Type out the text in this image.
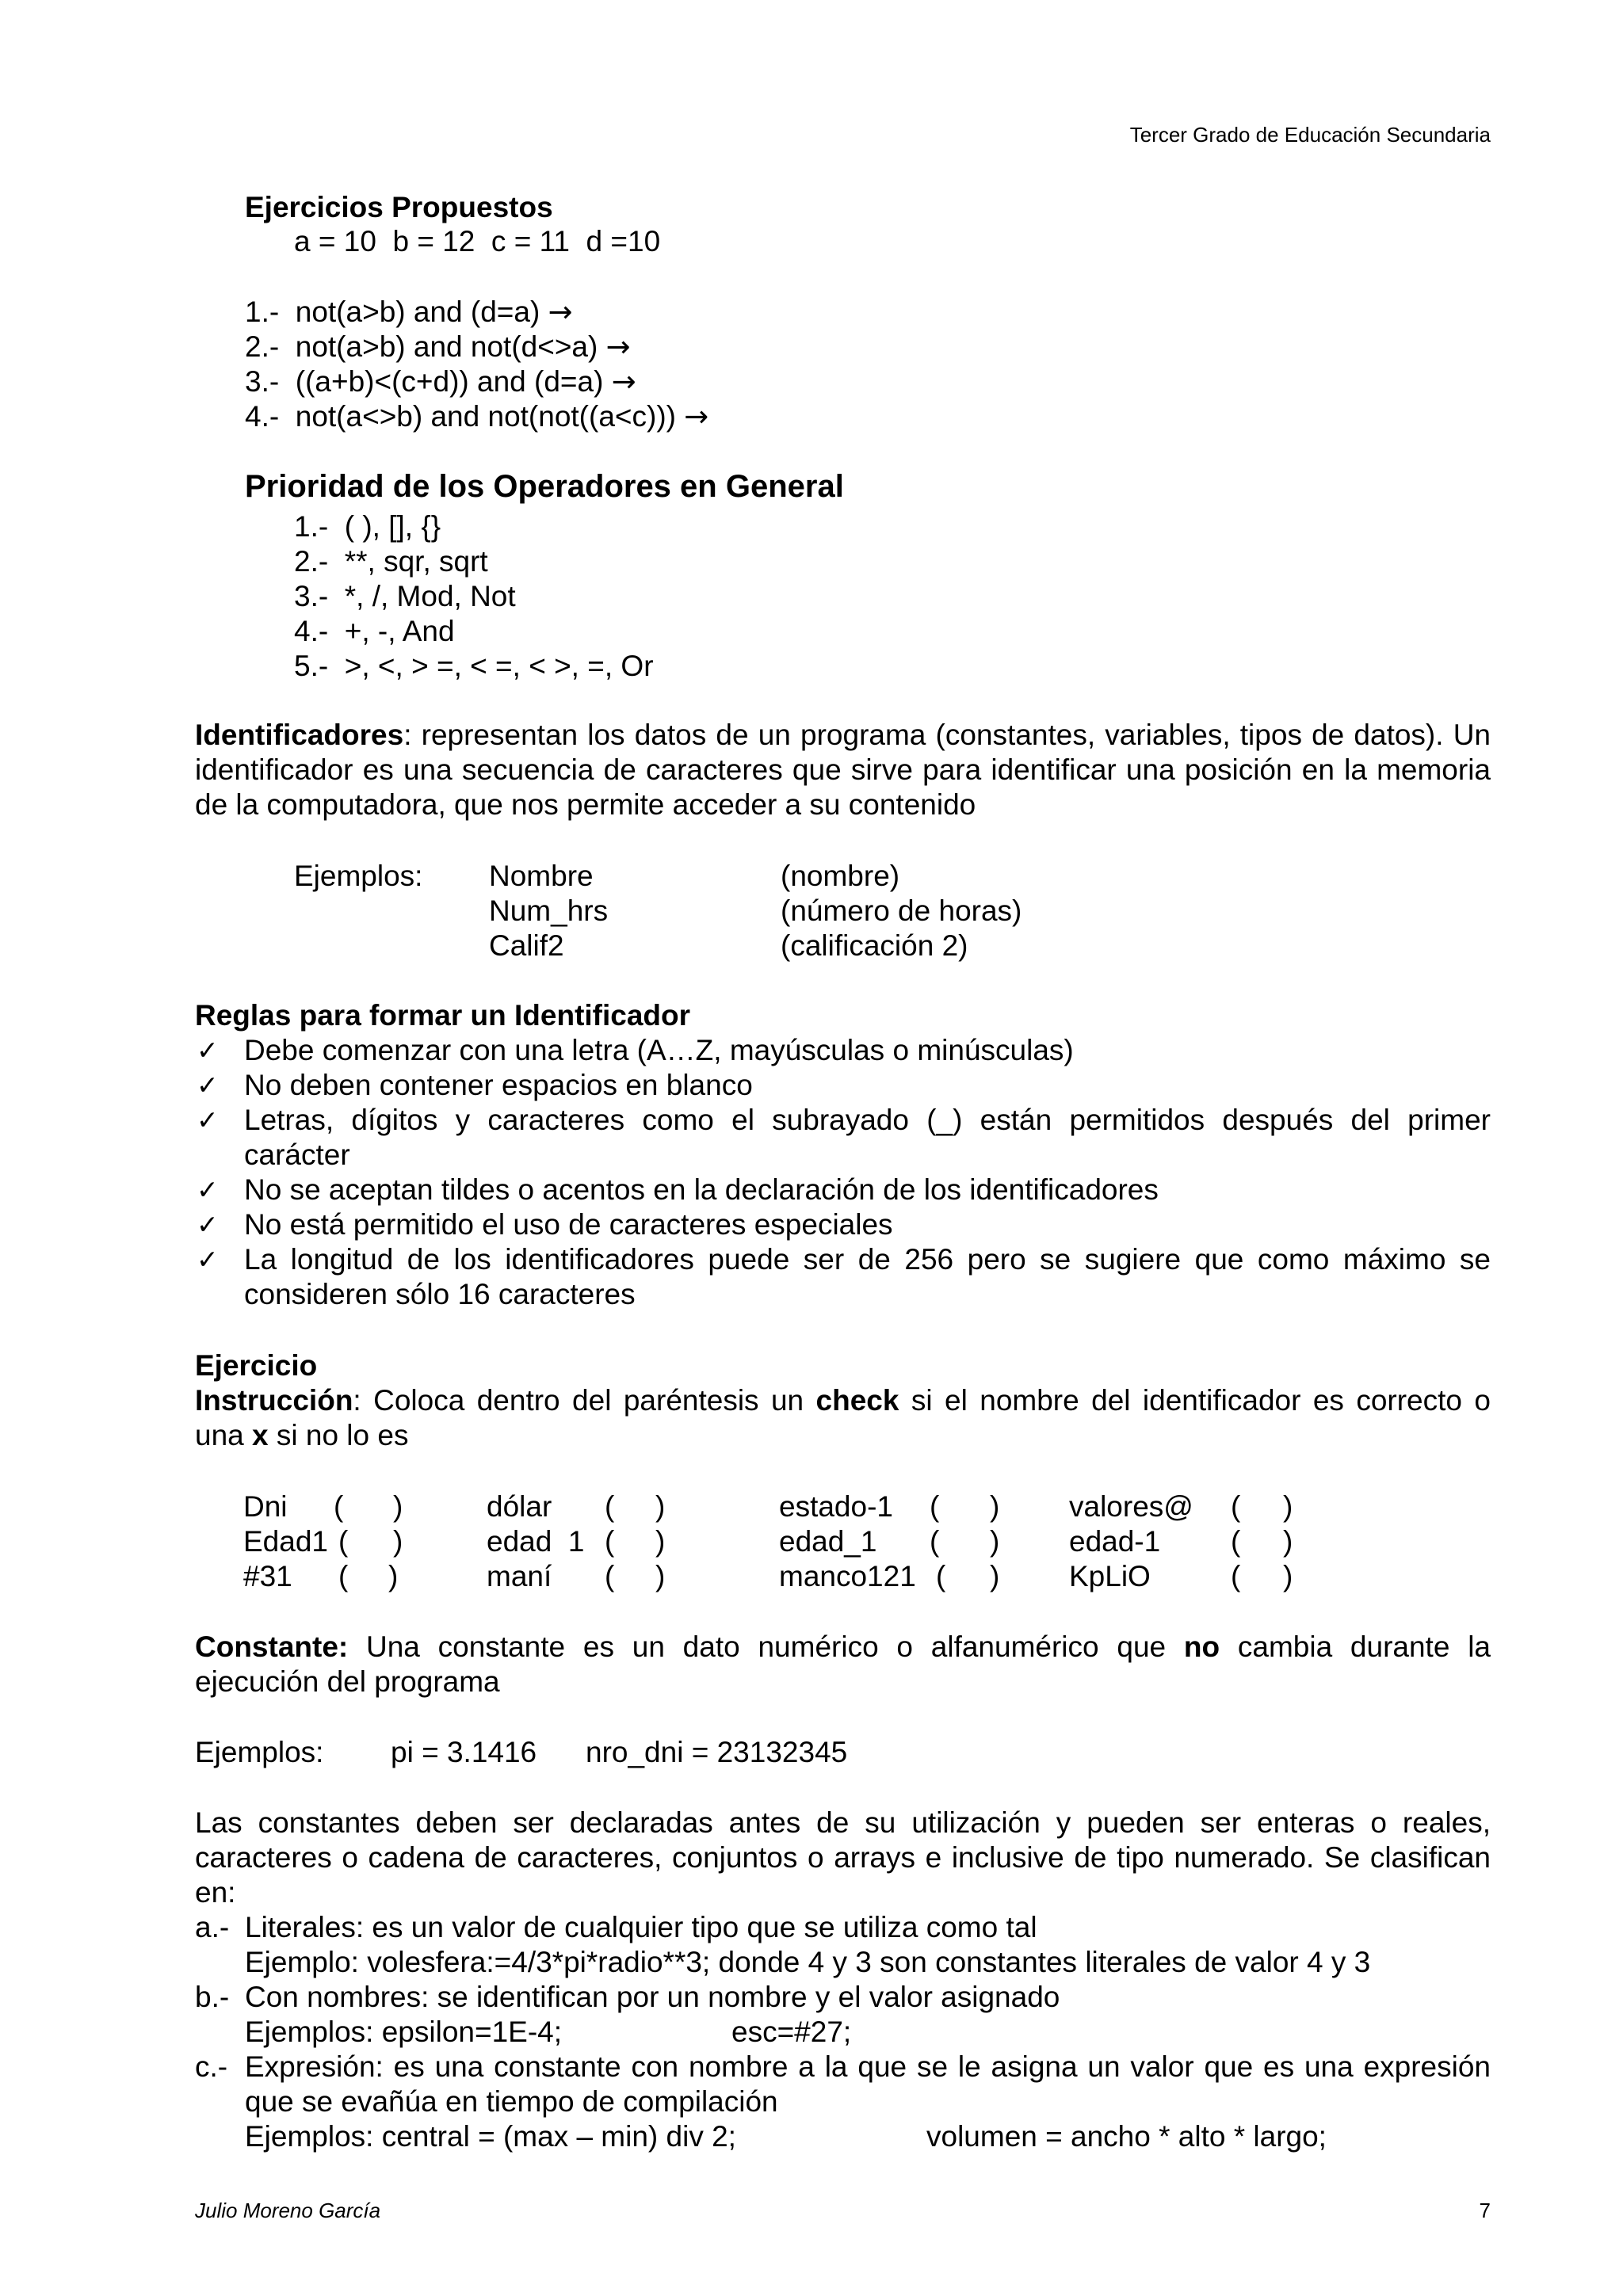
Tercer Grado de Educación Secundaria
Ejercicios Propuestos
a = 10  b = 12  c = 11  d =10
1.- not(a>b) and (d=a) →
2.- not(a>b) and not(d<>a) →
3.- ((a+b)<(c+d)) and (d=a) →
4.- not(a<>b) and not(not((a<c))) →
Prioridad de los Operadores en General
1.- ( ), [], {}
2.- **, sqr, sqrt
3.- *, /, Mod, Not
4.- +, -, And
5.- >, <, > =, < =, < >, =, Or
Identificadores: representan los datos de un programa (constantes, variables, tipos de datos). Un identificador es una secuencia de caracteres que sirve para identificar una posición en la memoria de la computadora, que nos permite acceder a su contenido
Ejemplos: Nombre	(nombre)
Num_hrs	(número de horas)
Calif2	(calificación 2)
Reglas para formar un Identificador
✓ Debe comenzar con una letra (A…Z, mayúsculas o minúsculas)
✓ No deben contener espacios en blanco
✓ Letras, dígitos y caracteres como el subrayado (_) están permitidos después del primer carácter
✓ No se aceptan tildes o acentos en la declaración de los identificadores
✓ No está permitido el uso de caracteres especiales
✓ La longitud de los identificadores puede ser de 256 pero se sugiere que como máximo se consideren sólo 16 caracteres
Ejercicio
Instrucción: Coloca dentro del paréntesis un check si el nombre del identificador es correcto o una x si no lo es
Dni ( )	dólar ( )	estado-1 ( ) valores@ ( )
Edad1 ( )	edad  1 ( )	edad_1 ( ) edad-1 ( )
#31 ( )	maní ( )	manco121 ( ) KpLiO	( )
Constante: Una constante es un dato numérico o alfanumérico que no cambia durante la ejecución del programa
Ejemplos: pi = 3.1416 nro_dni = 23132345
Las constantes deben ser declaradas antes de su utilización y pueden ser enteras o reales, caracteres o cadena de caracteres, conjuntos o arrays e inclusive de tipo numerado. Se clasifican en:
a.- Literales: es un valor de cualquier tipo que se utiliza como tal
Ejemplo: volesfera:=4/3*pi*radio**3; donde 4 y 3 son constantes literales de valor 4 y 3
b.- Con nombres: se identifican por un nombre y el valor asignado
Ejemplos: epsilon=1E-4;	esc=#27;
c.- Expresión: es una constante con nombre a la que se le asigna un valor que es una expresión
que se evañúa en tiempo de compilación
Ejemplos: central = (max – min) div 2;	volumen = ancho * alto * largo;
Julio Moreno García	7
